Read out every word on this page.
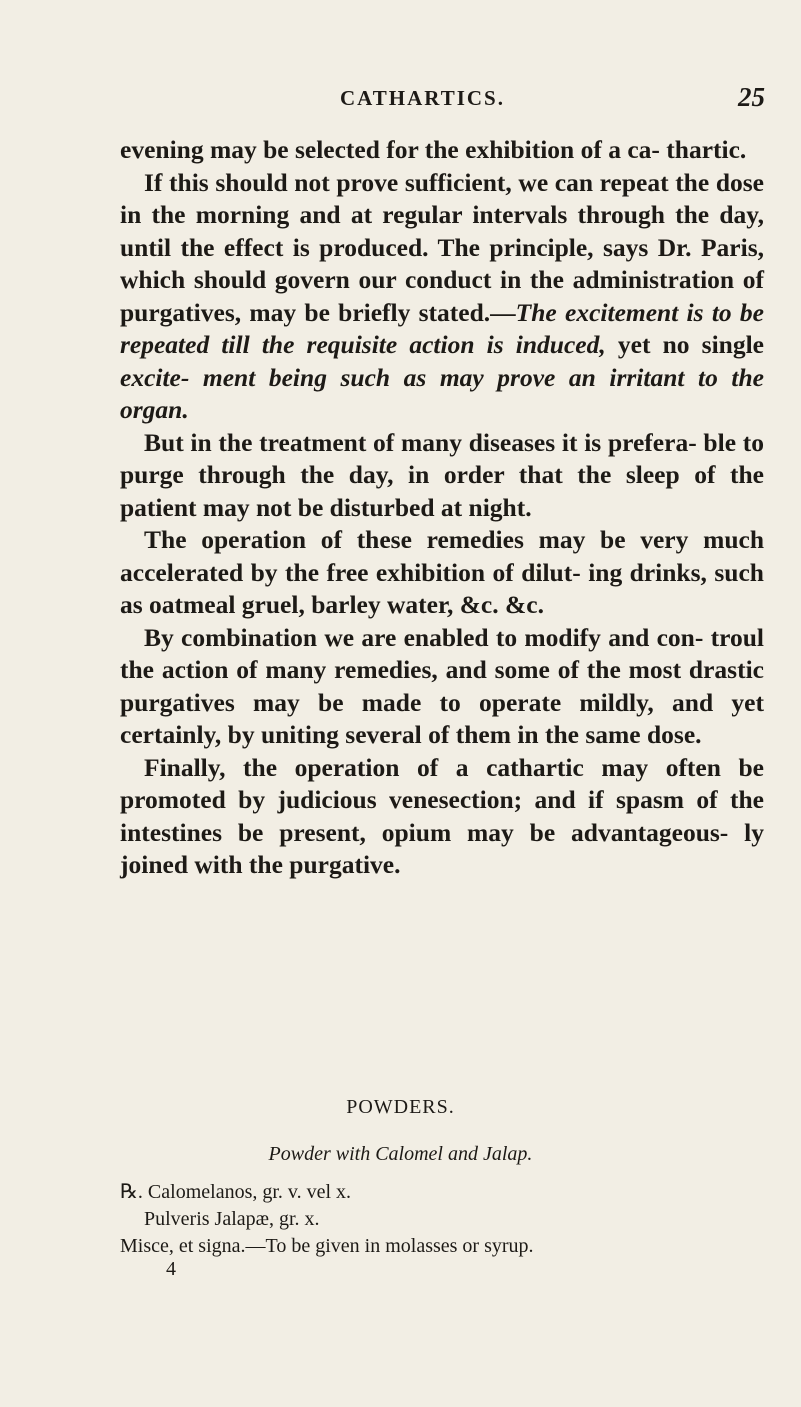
CATHARTICS.	25

evening may be selected for the exhibition of a ca- thartic.

If this should not prove sufficient, we can repeat the dose in the morning and at regular intervals through the day, until the effect is produced. The principle, says Dr. Paris, which should govern our conduct in the administration of purgatives, may be briefly stated.—The excitement is to be repeated till the requisite action is induced, yet no single excite- ment being such as may prove an irritant to the organ.

But in the treatment of many diseases it is prefera- ble to purge through the day, in order that the sleep of the patient may not be disturbed at night.

The operation of these remedies may be very much accelerated by the free exhibition of dilut- ing drinks, such as oatmeal gruel, barley water, &c. &c.

By combination we are enabled to modify and con- troul the action of many remedies, and some of the most drastic purgatives may be made to operate mildly, and yet certainly, by uniting several of them in the same dose.

Finally, the operation of a cathartic may often be promoted by judicious venesection; and if spasm of the intestines be present, opium may be advantageous- ly joined with the purgative.

POWDERS.
Powder with Calomel and Jalap.
℞. Calomelanos, gr. v. vel x.
Pulveris Jalapæ, gr. x.
Misce, et signa.—To be given in molasses or syrup.
4
